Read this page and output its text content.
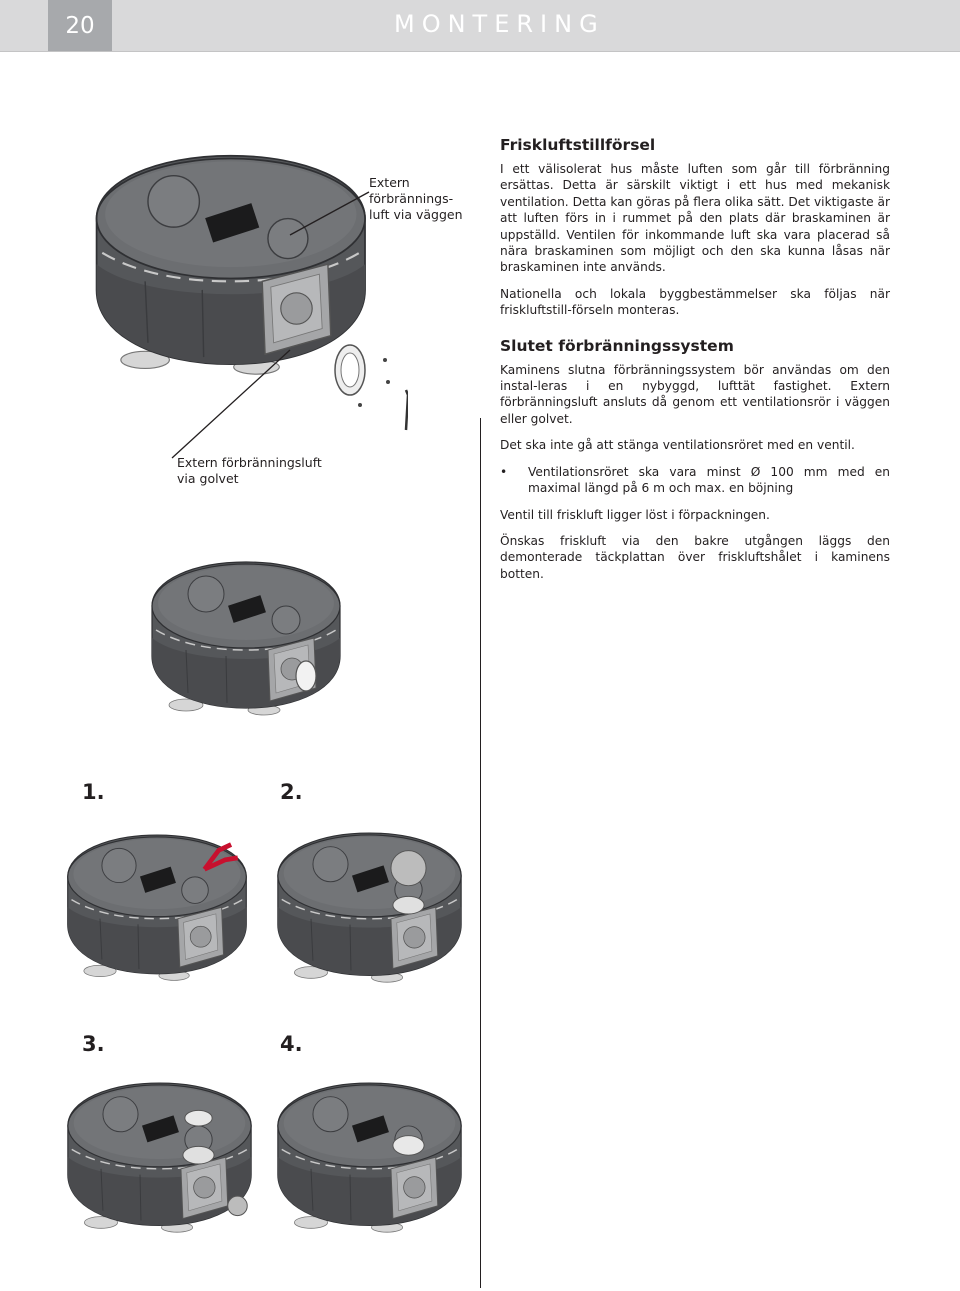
20	MONTERING
Extern förbrännings-luft via väggen
Extern förbränningsluft via golvet
1.	2.
3.	4.
Friskluftstillförsel

I ett välisolerat hus måste luften som går till förbränning ersättas. Detta är särskilt viktigt i ett hus med mekanisk ventilation. Detta kan göras på flera olika sätt. Det viktigaste är att luften förs in i rummet på den plats där braskaminen är uppställd. Ventilen för inkommande luft ska vara placerad så nära braskaminen som möjligt och den ska kunna låsas när braskaminen inte används.

Nationella och lokala byggbestämmelser ska följas när friskluftstill-förseln monteras.

Slutet förbränningssystem

Kaminens slutna förbränningssystem bör användas om den instal-leras i en nybyggd, lufttät fastighet. Extern förbränningsluft ansluts då genom ett ventilationsrör i väggen eller golvet.

Det ska inte gå att stänga ventilationsröret med en ventil.

•	Ventilationsröret ska vara minst Ø 100 mm med en maximal längd på 6 m och max. en böjning

Ventil till friskluft ligger löst i förpackningen.

Önskas friskluft via den bakre utgången läggs den demonterade täckplattan över friskluftshålet i kaminens botten.
